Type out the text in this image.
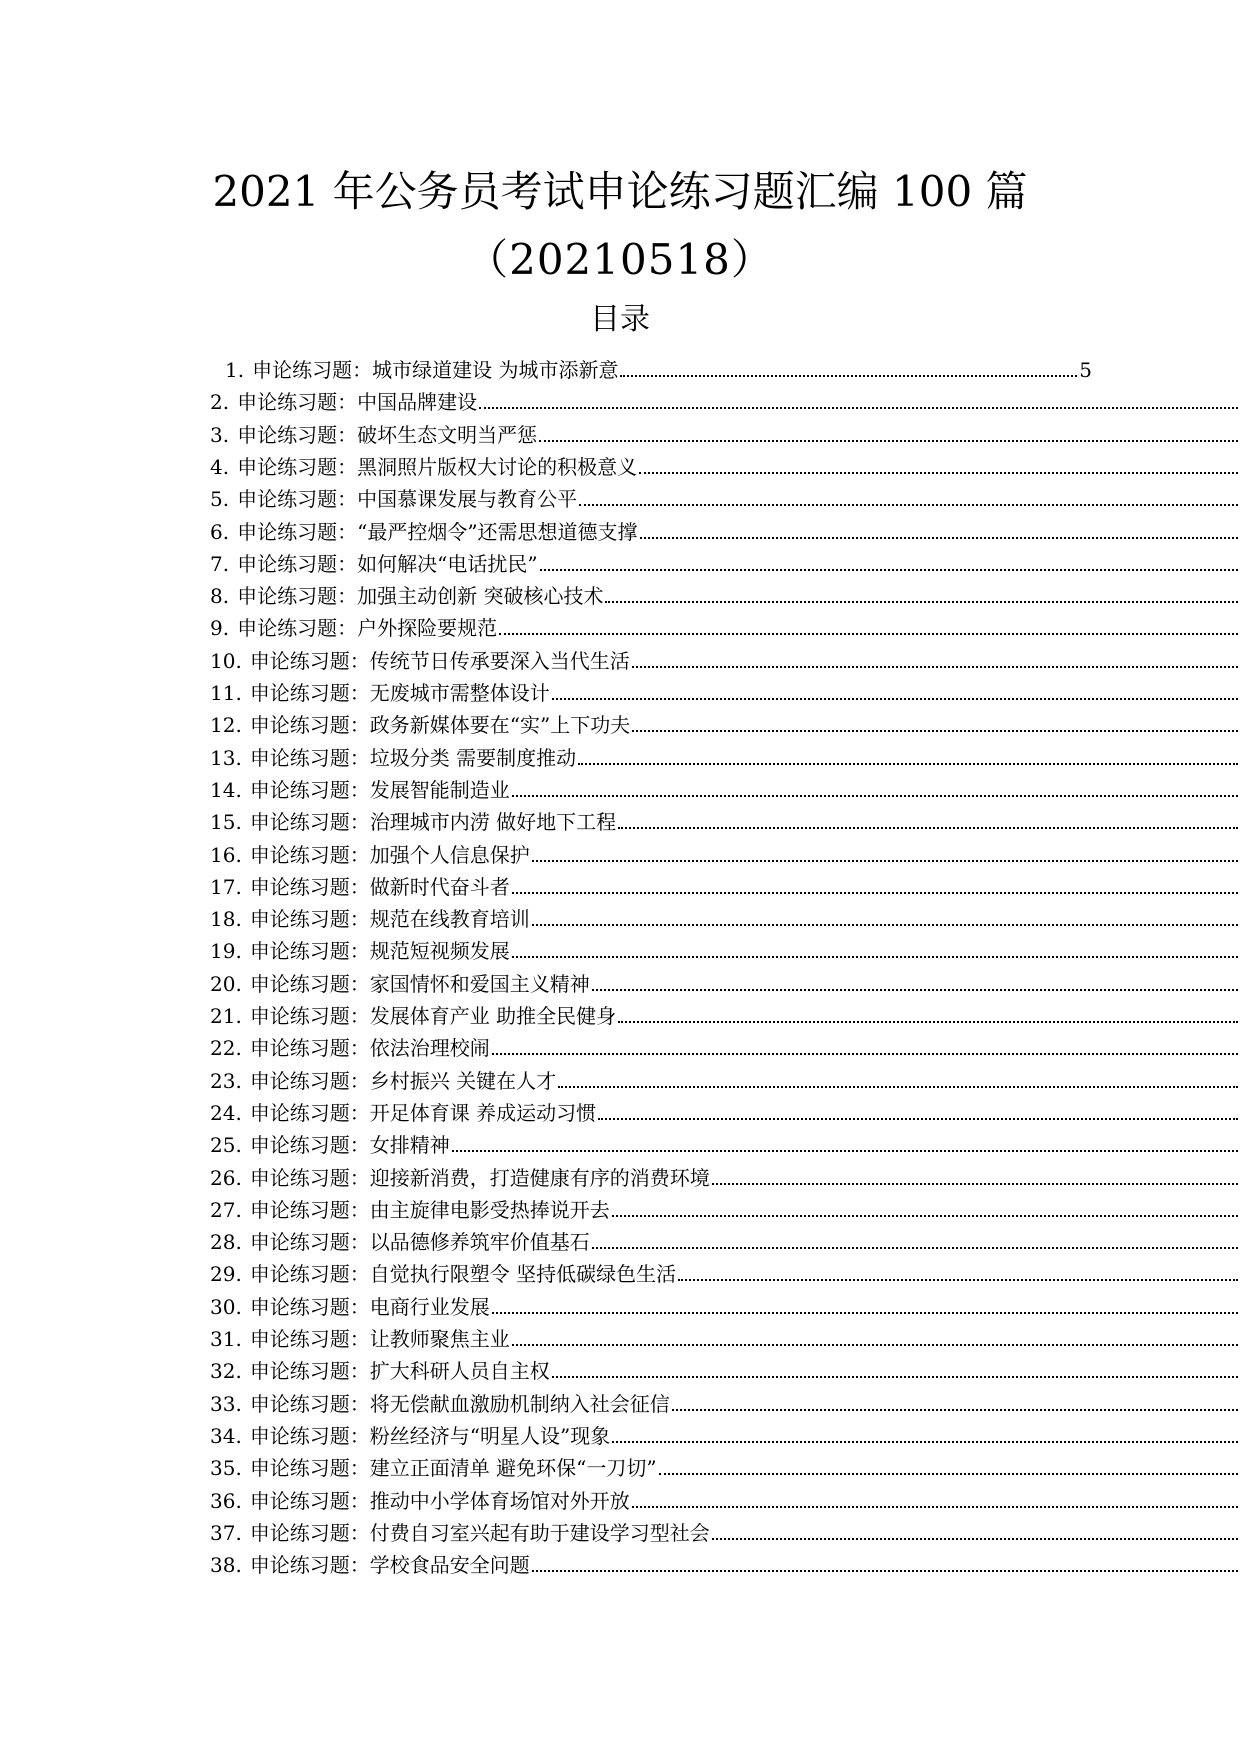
2021 年公务员考试申论练习题汇编 100 篇
（20210518）
目录
1. 申论练习题：城市绿道建设 为城市添新意	5
2. 申论练习题：中国品牌建设
3. 申论练习题：破坏生态文明当严惩
4. 申论练习题：黑洞照片版权大讨论的积极意义
5. 申论练习题：中国慕课发展与教育公平
6. 申论练习题：“最严控烟令”还需思想道德支撑
7. 申论练习题：如何解决“电话扰民”
8. 申论练习题：加强主动创新 突破核心技术
9. 申论练习题：户外探险要规范
10. 申论练习题：传统节日传承要深入当代生活
11. 申论练习题：无废城市需整体设计
12. 申论练习题：政务新媒体要在“实”上下功夫
13. 申论练习题：垃圾分类 需要制度推动
14. 申论练习题：发展智能制造业
15. 申论练习题：治理城市内涝 做好地下工程
16. 申论练习题：加强个人信息保护
17. 申论练习题：做新时代奋斗者
18. 申论练习题：规范在线教育培训
19. 申论练习题：规范短视频发展
20. 申论练习题：家国情怀和爱国主义精神
21. 申论练习题：发展体育产业 助推全民健身
22. 申论练习题：依法治理校闹
23. 申论练习题：乡村振兴 关键在人才
24. 申论练习题：开足体育课 养成运动习惯
25. 申论练习题：女排精神
26. 申论练习题：迎接新消费，打造健康有序的消费环境
27. 申论练习题：由主旋律电影受热捧说开去
28. 申论练习题：以品德修养筑牢价值基石
29. 申论练习题：自觉执行限塑令 坚持低碳绿色生活
30. 申论练习题：电商行业发展
31. 申论练习题：让教师聚焦主业
32. 申论练习题：扩大科研人员自主权
33. 申论练习题：将无偿献血激励机制纳入社会征信
34. 申论练习题：粉丝经济与“明星人设”现象
35. 申论练习题：建立正面清单 避免环保“一刀切”
36. 申论练习题：推动中小学体育场馆对外开放
37. 申论练习题：付费自习室兴起有助于建设学习型社会
38. 申论练习题：学校食品安全问题
